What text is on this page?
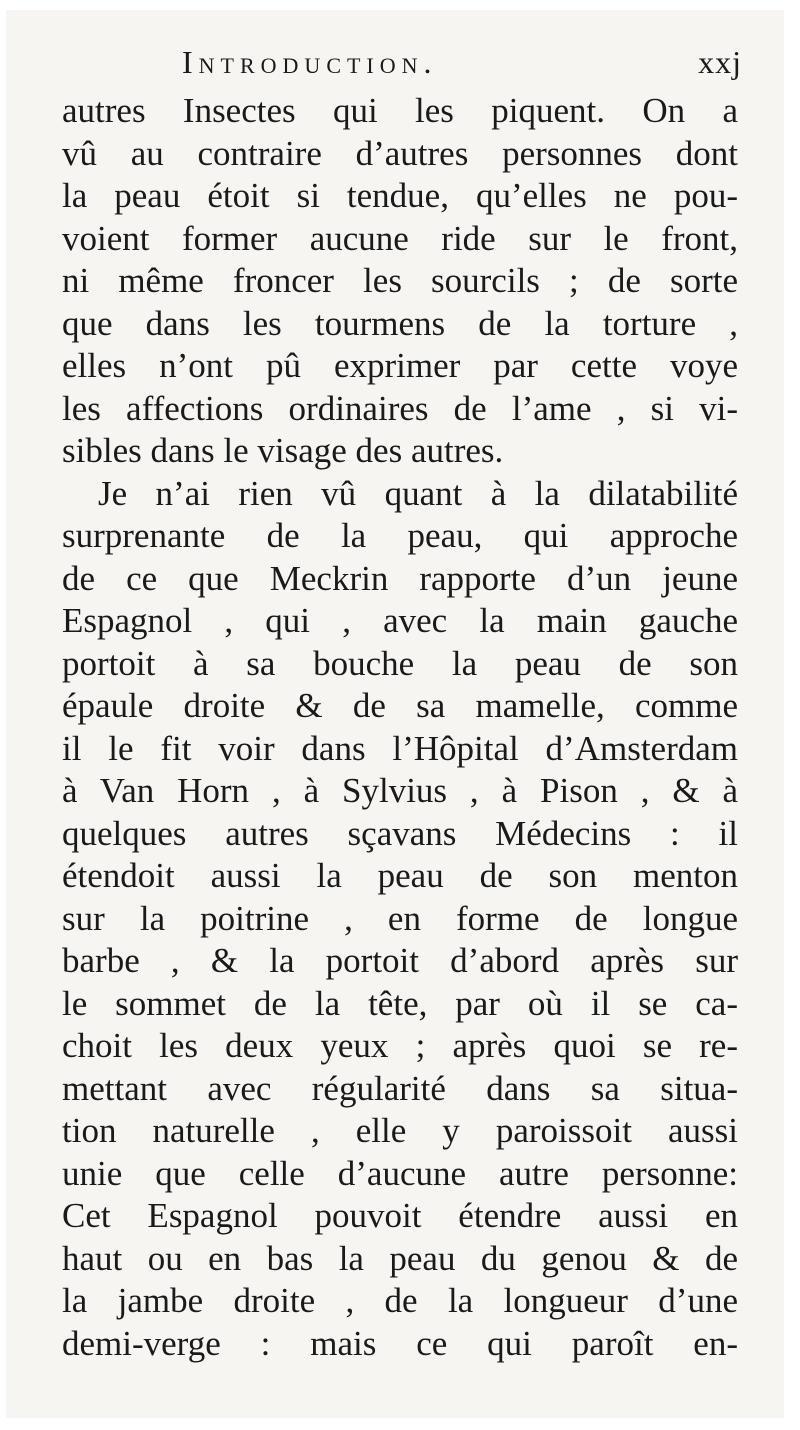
Introduction.	xxj
autres Insectes qui les piquent. On a
vû au contraire d’autres personnes dont
la peau étoit si tendue, qu’elles ne pou-
voient former aucune ride sur le front,
ni même froncer les sourcils ; de sorte
que dans les tourmens de la torture ,
elles n’ont pû exprimer par cette voye
les affections ordinaires de l’ame , si vi-
sibles dans le visage des autres.
Je n’ai rien vû quant à la dilatabilité
surprenante de la peau, qui approche
de ce que Meckrin rapporte d’un jeune
Espagnol , qui , avec la main gauche
portoit à sa bouche la peau de son
épaule droite & de sa mamelle, comme
il le fit voir dans l’Hôpital d’Amsterdam
à Van Horn , à Sylvius , à Pison , & à
quelques autres sçavans Médecins : il
étendoit aussi la peau de son menton
sur la poitrine , en forme de longue
barbe , & la portoit d’abord après sur
le sommet de la tête, par où il se ca-
choit les deux yeux ; après quoi se re-
mettant avec régularité dans sa situa-
tion naturelle , elle y paroissoit aussi
unie que celle d’aucune autre personne:
Cet Espagnol pouvoit étendre aussi en
haut ou en bas la peau du genou & de
la jambe droite , de la longueur d’une
demi-verge : mais ce qui paroît en-
